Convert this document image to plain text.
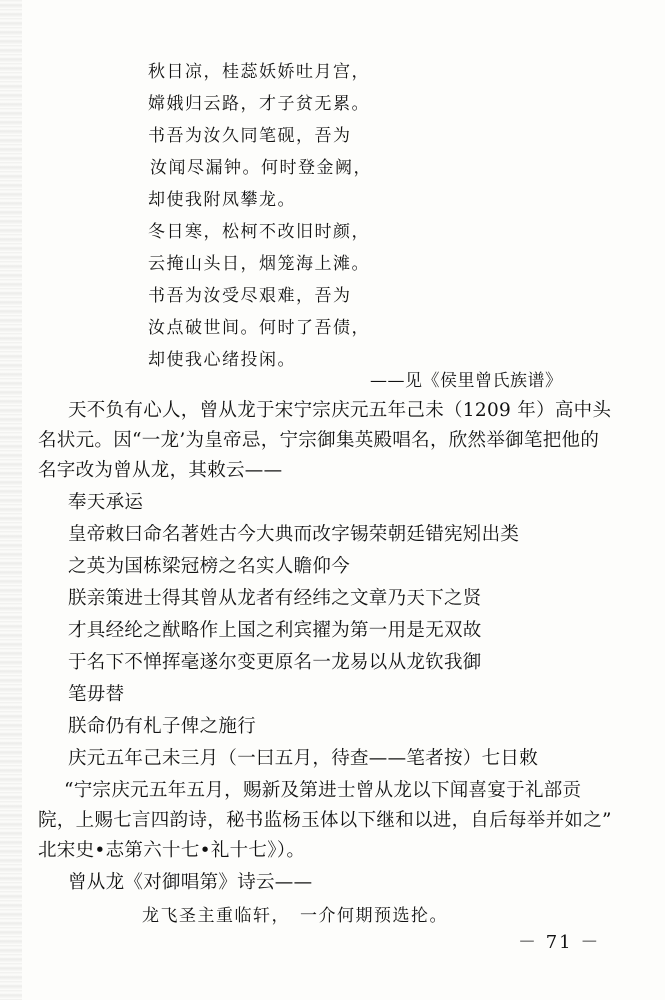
秋日凉，桂蕊妖娇吐月宫，
嫦娥归云路，才子贫无累。
书吾为汝久同笔砚，吾为
汝闻尽漏钟。何时登金阙，
却使我附凤攀龙。
冬日寒，松柯不改旧时颜，
云掩山头日，烟笼海上滩。
书吾为汝受尽艰难，吾为
汝点破世间。何时了吾债，
却使我心绪投闲。
——见《侯里曾氏族谱》
天不负有心人，曾从龙于宋宁宗庆元五年己未（1209 年）高中头
名状元。因“一龙’为皇帝忌，宁宗御集英殿唱名，欣然举御笔把他的
名字改为曾从龙，其敕云——
奉天承运
皇帝敕曰命名著姓古今大典而改字锡荣朝廷错宪矧出类
之英为国栋梁冠榜之名实人瞻仰今
朕亲策进士得其曾从龙者有经纬之文章乃天下之贤
才具经纶之猷略作上国之利宾擢为第一用是无双故
于名下不惮挥毫遂尔变更原名一龙易以从龙钦我御
笔毋替
朕命仍有札子俾之施行
庆元五年己未三月（一曰五月，待查——笔者按）七日敕
“宁宗庆元五年五月，赐新及第进士曾从龙以下闻喜宴于礼部贡
院，上赐七言四韵诗，秘书监杨玉体以下继和以进，自后每举并如之”
北宋史•志第六十七•礼十七》）。
曾从龙《对御唱第》诗云——
龙飞圣主重临轩，　一介何期预选抡。
－ 71 －
